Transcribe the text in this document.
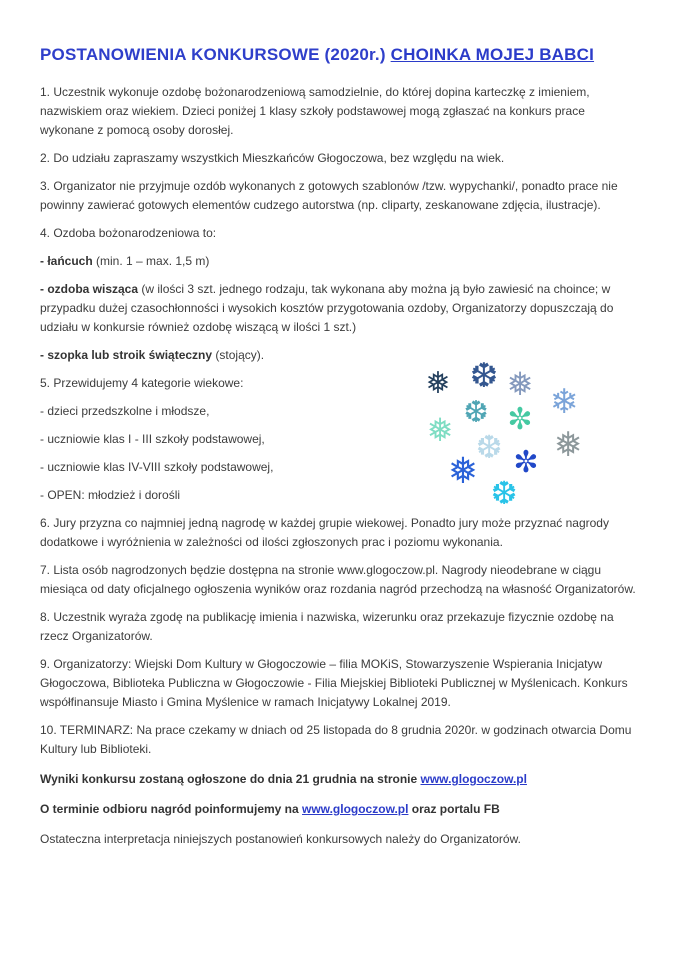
POSTANOWIENIA KONKURSOWE (2020r.) CHOINKA MOJEJ BABCI

1. Uczestnik wykonuje ozdobę bożonarodzeniową samodzielnie, do której dopina karteczkę z imieniem, nazwiskiem oraz wiekiem. Dzieci poniżej 1 klasy szkoły podstawowej mogą zgłaszać na konkurs prace wykonane z pomocą osoby dorosłej.

2. Do udziału zapraszamy wszystkich Mieszkańców Głogoczowa, bez względu na wiek.

3. Organizator nie przyjmuje ozdób wykonanych z gotowych szablonów /tzw. wypychanki/, ponadto prace nie powinny zawierać gotowych elementów cudzego autorstwa (np. cliparty, zeskanowane zdjęcia, ilustracje).

4. Ozdoba bożonarodzeniowa to:

- łańcuch (min. 1 – max. 1,5 m)

- ozdoba wisząca (w ilości 3 szt. jednego rodzaju, tak wykonana aby można ją było zawiesić na choince; w przypadku dużej czasochłonności i wysokich kosztów przygotowania ozdoby, Organizatorzy dopuszczają do udziału w konkursie również ozdobę wiszącą w ilości 1 szt.)

- szopka lub stroik świąteczny (stojący).

5. Przewidujemy 4 kategorie wiekowe:

- dzieci przedszkolne i młodsze,

- uczniowie klas I - III szkoły podstawowej,

- uczniowie klas IV-VIII szkoły podstawowej,

- OPEN: młodzież i dorośli

6. Jury przyzna co najmniej jedną nagrodę w każdej grupie wiekowej. Ponadto jury może przyznać nagrody dodatkowe i wyróżnienia w zależności od ilości zgłoszonych prac i poziomu wykonania.

7. Lista osób nagrodzonych będzie dostępna na stronie www.glogoczow.pl. Nagrody nieodebrane w ciągu miesiąca od daty oficjalnego ogłoszenia wyników oraz rozdania nagród przechodzą na własność Organizatorów.

8. Uczestnik wyraża zgodę na publikację imienia i nazwiska, wizerunku oraz przekazuje fizycznie ozdobę na rzecz Organizatorów.

9. Organizatorzy: Wiejski Dom Kultury w Głogoczowie – filia MOKiS, Stowarzyszenie Wspierania Inicjatyw Głogoczowa, Biblioteka Publiczna w Głogoczowie - Filia Miejskiej Biblioteki Publicznej w Myślenicach. Konkurs współfinansuje Miasto i Gmina Myślenice w ramach Inicjatywy Lokalnej 2019.

10. TERMINARZ: Na prace czekamy w dniach od 25 listopada do 8 grudnia 2020r. w godzinach otwarcia Domu Kultury lub Biblioteki.

Wyniki konkursu zostaną ogłoszone do dnia 21 grudnia na stronie www.glogoczow.pl

O terminie odbioru nagród poinformujemy na www.glogoczow.pl oraz portalu FB

Ostateczna interpretacja niniejszych postanowień konkursowych należy do Organizatorów.

❅ ❆ ❅ ❄
❆
❅ ✼
❆ ❅
❅ ✼
❆
